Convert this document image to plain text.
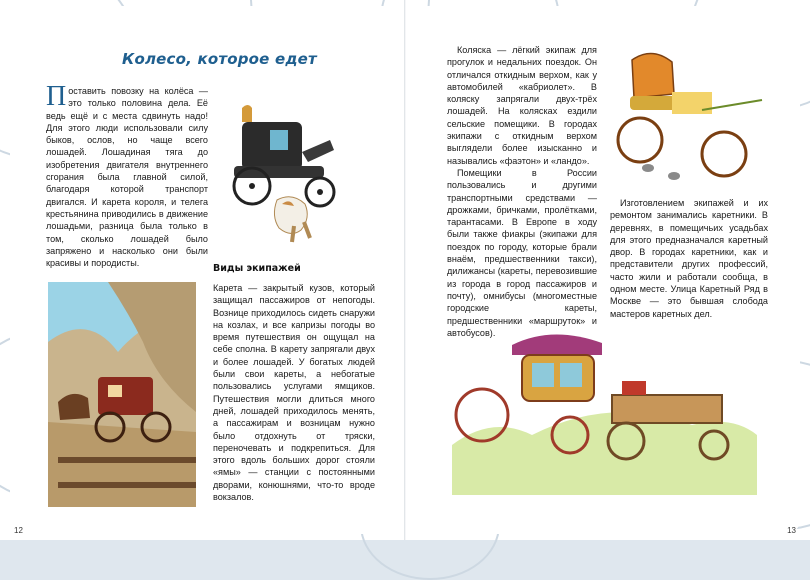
Колесо, которое едет

Поставить повозку на колёса — это только половина дела. Её ведь ещё и с места сдвинуть надо! Для этого люди использовали силу быков, ослов, но чаще всего лошадей. Лошадиная тяга до изобретения двигателя внутреннего сгорания была главной силой, благодаря которой транспорт двигался. И карета короля, и телега крестьянина приводились в движение лошадьми, разница была только в том, сколько лошадей было запряжено и насколько они были красивы и породисты.	Виды экипажей

Карета — закрытый кузов, который защищал пассажиров от непогоды. Вознице приходилось сидеть снаружи на козлах, и все капризы погоды во время путешествия он ощущал на себе сполна. В карету запрягали двух и более лошадей. У богатых людей были свои кареты, а небогатые пользовались услугами ямщиков. Путешествия могли длиться много дней, лошадей приходилось менять, а пассажирам и возницам нужно было отдохнуть от тряски, переночевать и подкрепиться. Для этого вдоль больших дорог стояли «ямы» — станции с постоянными дворами, конюшнями, что-то вроде вокзалов.

12

Коляска — лёгкий экипаж для прогулок и недальних поездок. Он отличался откидным верхом, как у автомобилей «кабриолет». В коляску запрягали двух-трёх лошадей. На колясках ездили сельские помещики. В городах экипажи с откидным верхом выглядели более изысканно и назывались «фаэтон» и «ландо».

Помещики в России пользовались и другими транспортными средствами — дрожками, бричками, пролётками, тарантасами. В Европе в ходу были также фиакры (экипажи для поездок по городу, которые брали внаём, предшественники такси), дилижансы (кареты, перевозившие из города в город пассажиров и почту), омнибусы (многоместные городские кареты, предшественники «маршруток» и автобусов).

Изготовлением экипажей и их ремонтом занимались каретники. В деревнях, в помещичьих усадьбах для этого предназначался каретный двор. В городах каретники, как и представители других профессий, часто жили и работали сообща, в одном месте. Улица Каретный Ряд в Москве — это бывшая слобода мастеров каретных дел.

13
